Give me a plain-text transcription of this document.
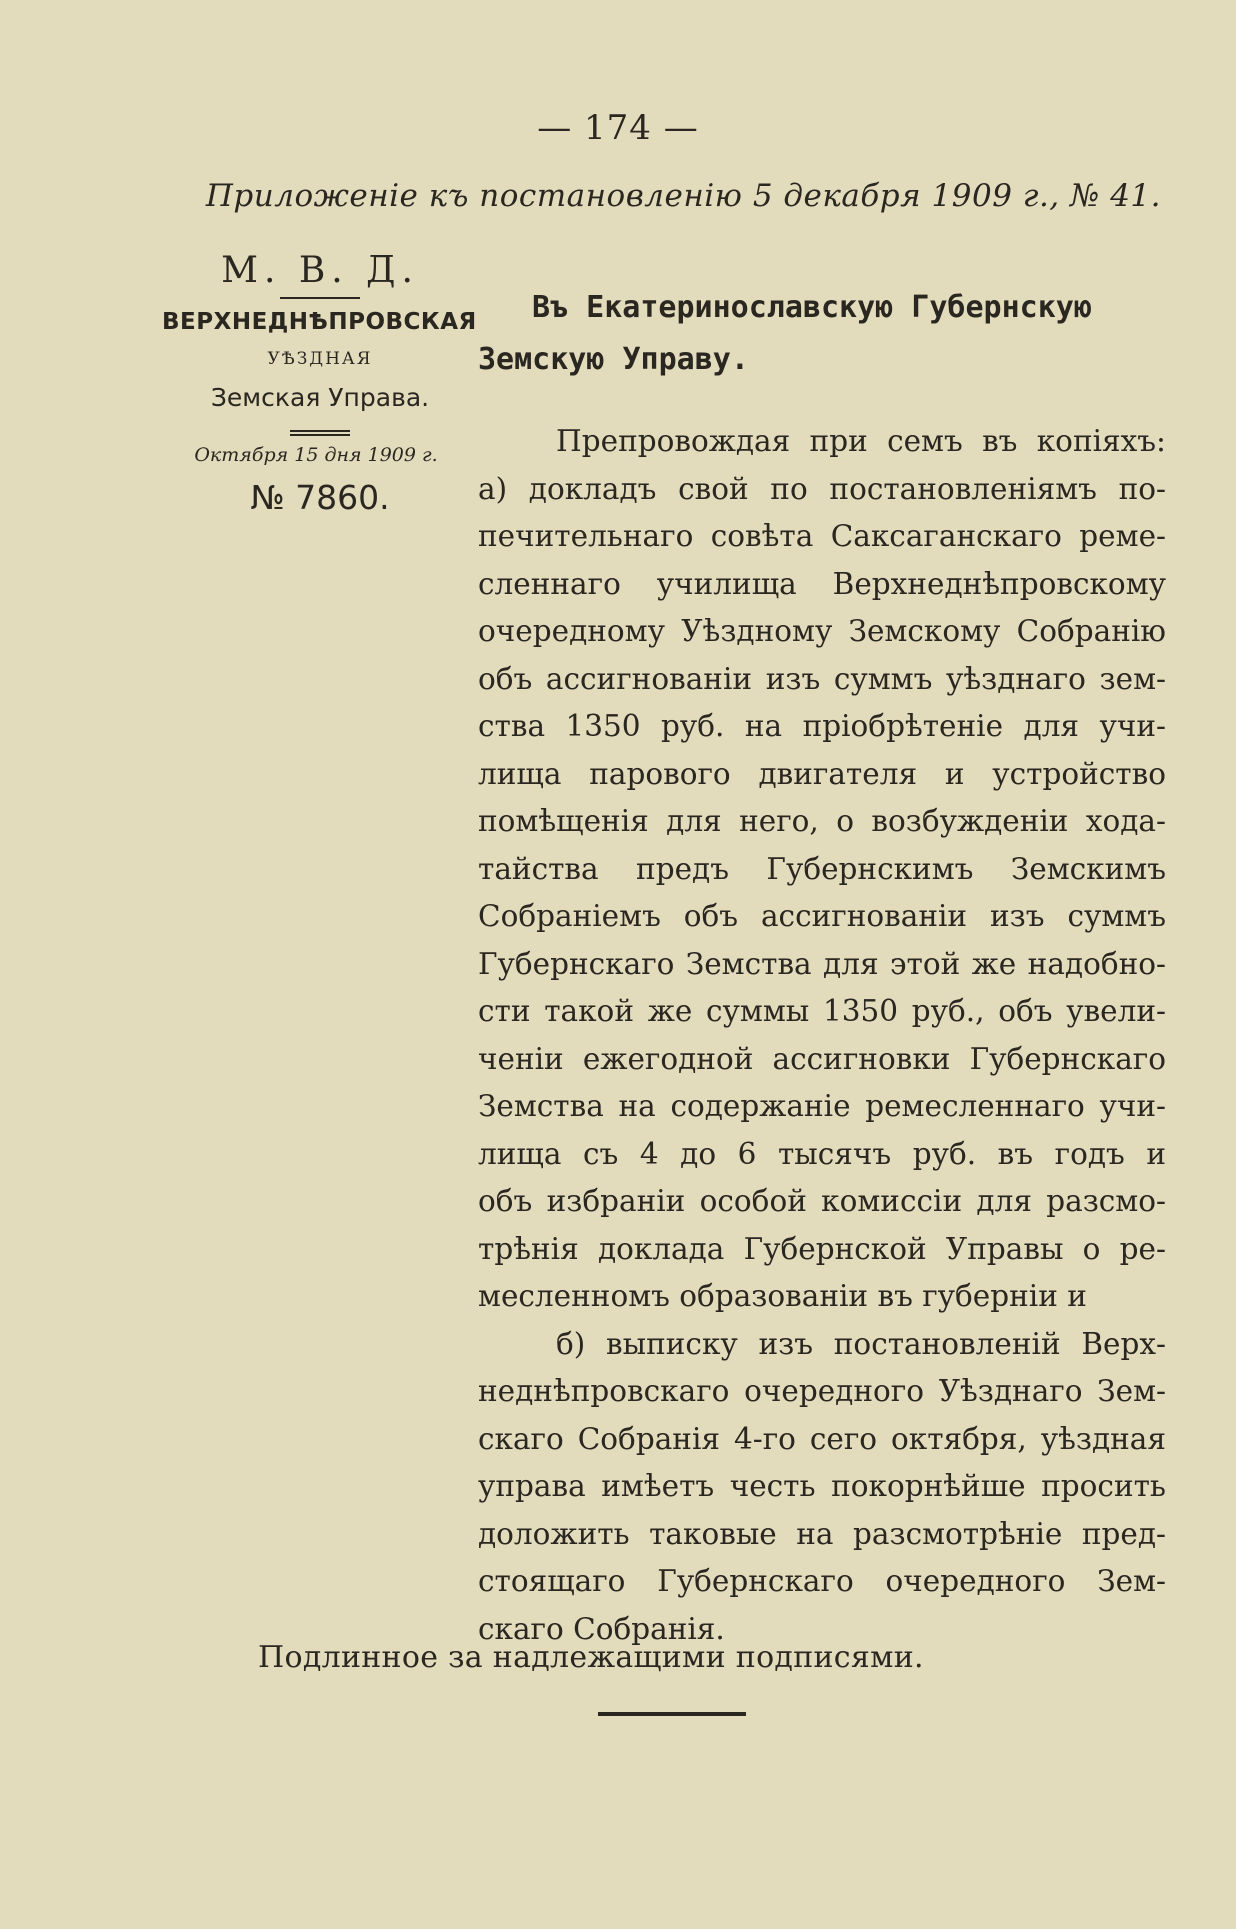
— 174 —
Приложеніе къ постановленію 5 декабря 1909 г., № 41.
М. В. Д.
ВЕРХНЕДНѢПРОВСКАЯ
УѢЗДНАЯ
Земская Управа.
Октября 15 дня 1909 г.
№ 7860.
Въ Екатеринославскую Губернскую
Земскую Управу.
Препровождая при семъ въ копіяхъ:
а) докладъ свой по постановленіямъ по-
печительнаго совѣта Саксаганскаго реме-
сленнаго училища Верхнеднѣпровскому
очередному Уѣздному Земскому Собранію
объ ассигнованіи изъ суммъ уѣзднаго зем-
ства 1350 руб. на пріобрѣтеніе для учи-
лища парового двигателя и устройство
помѣщенія для него, о возбужденіи хода-
тайства предъ Губернскимъ Земскимъ
Собраніемъ объ ассигнованіи изъ суммъ
Губернскаго Земства для этой же надобно-
сти такой же суммы 1350 руб., объ увели-
ченіи ежегодной ассигновки Губернскаго
Земства на содержаніе ремесленнаго учи-
лища съ 4 до 6 тысячъ руб. въ годъ и
объ избраніи особой комиссіи для разсмо-
трѣнія доклада Губернской Управы о ре-
месленномъ образованіи въ губерніи и
б) выписку изъ постановленій Верх-
неднѣпровскаго очередного Уѣзднаго Зем-
скаго Собранія 4-го сего октября, уѣздная
управа имѣетъ честь покорнѣйше просить
доложить таковые на разсмотрѣніе пред-
стоящаго Губернскаго очередного Зем-
скаго Собранія.
Подлинное за надлежащими подписями.
